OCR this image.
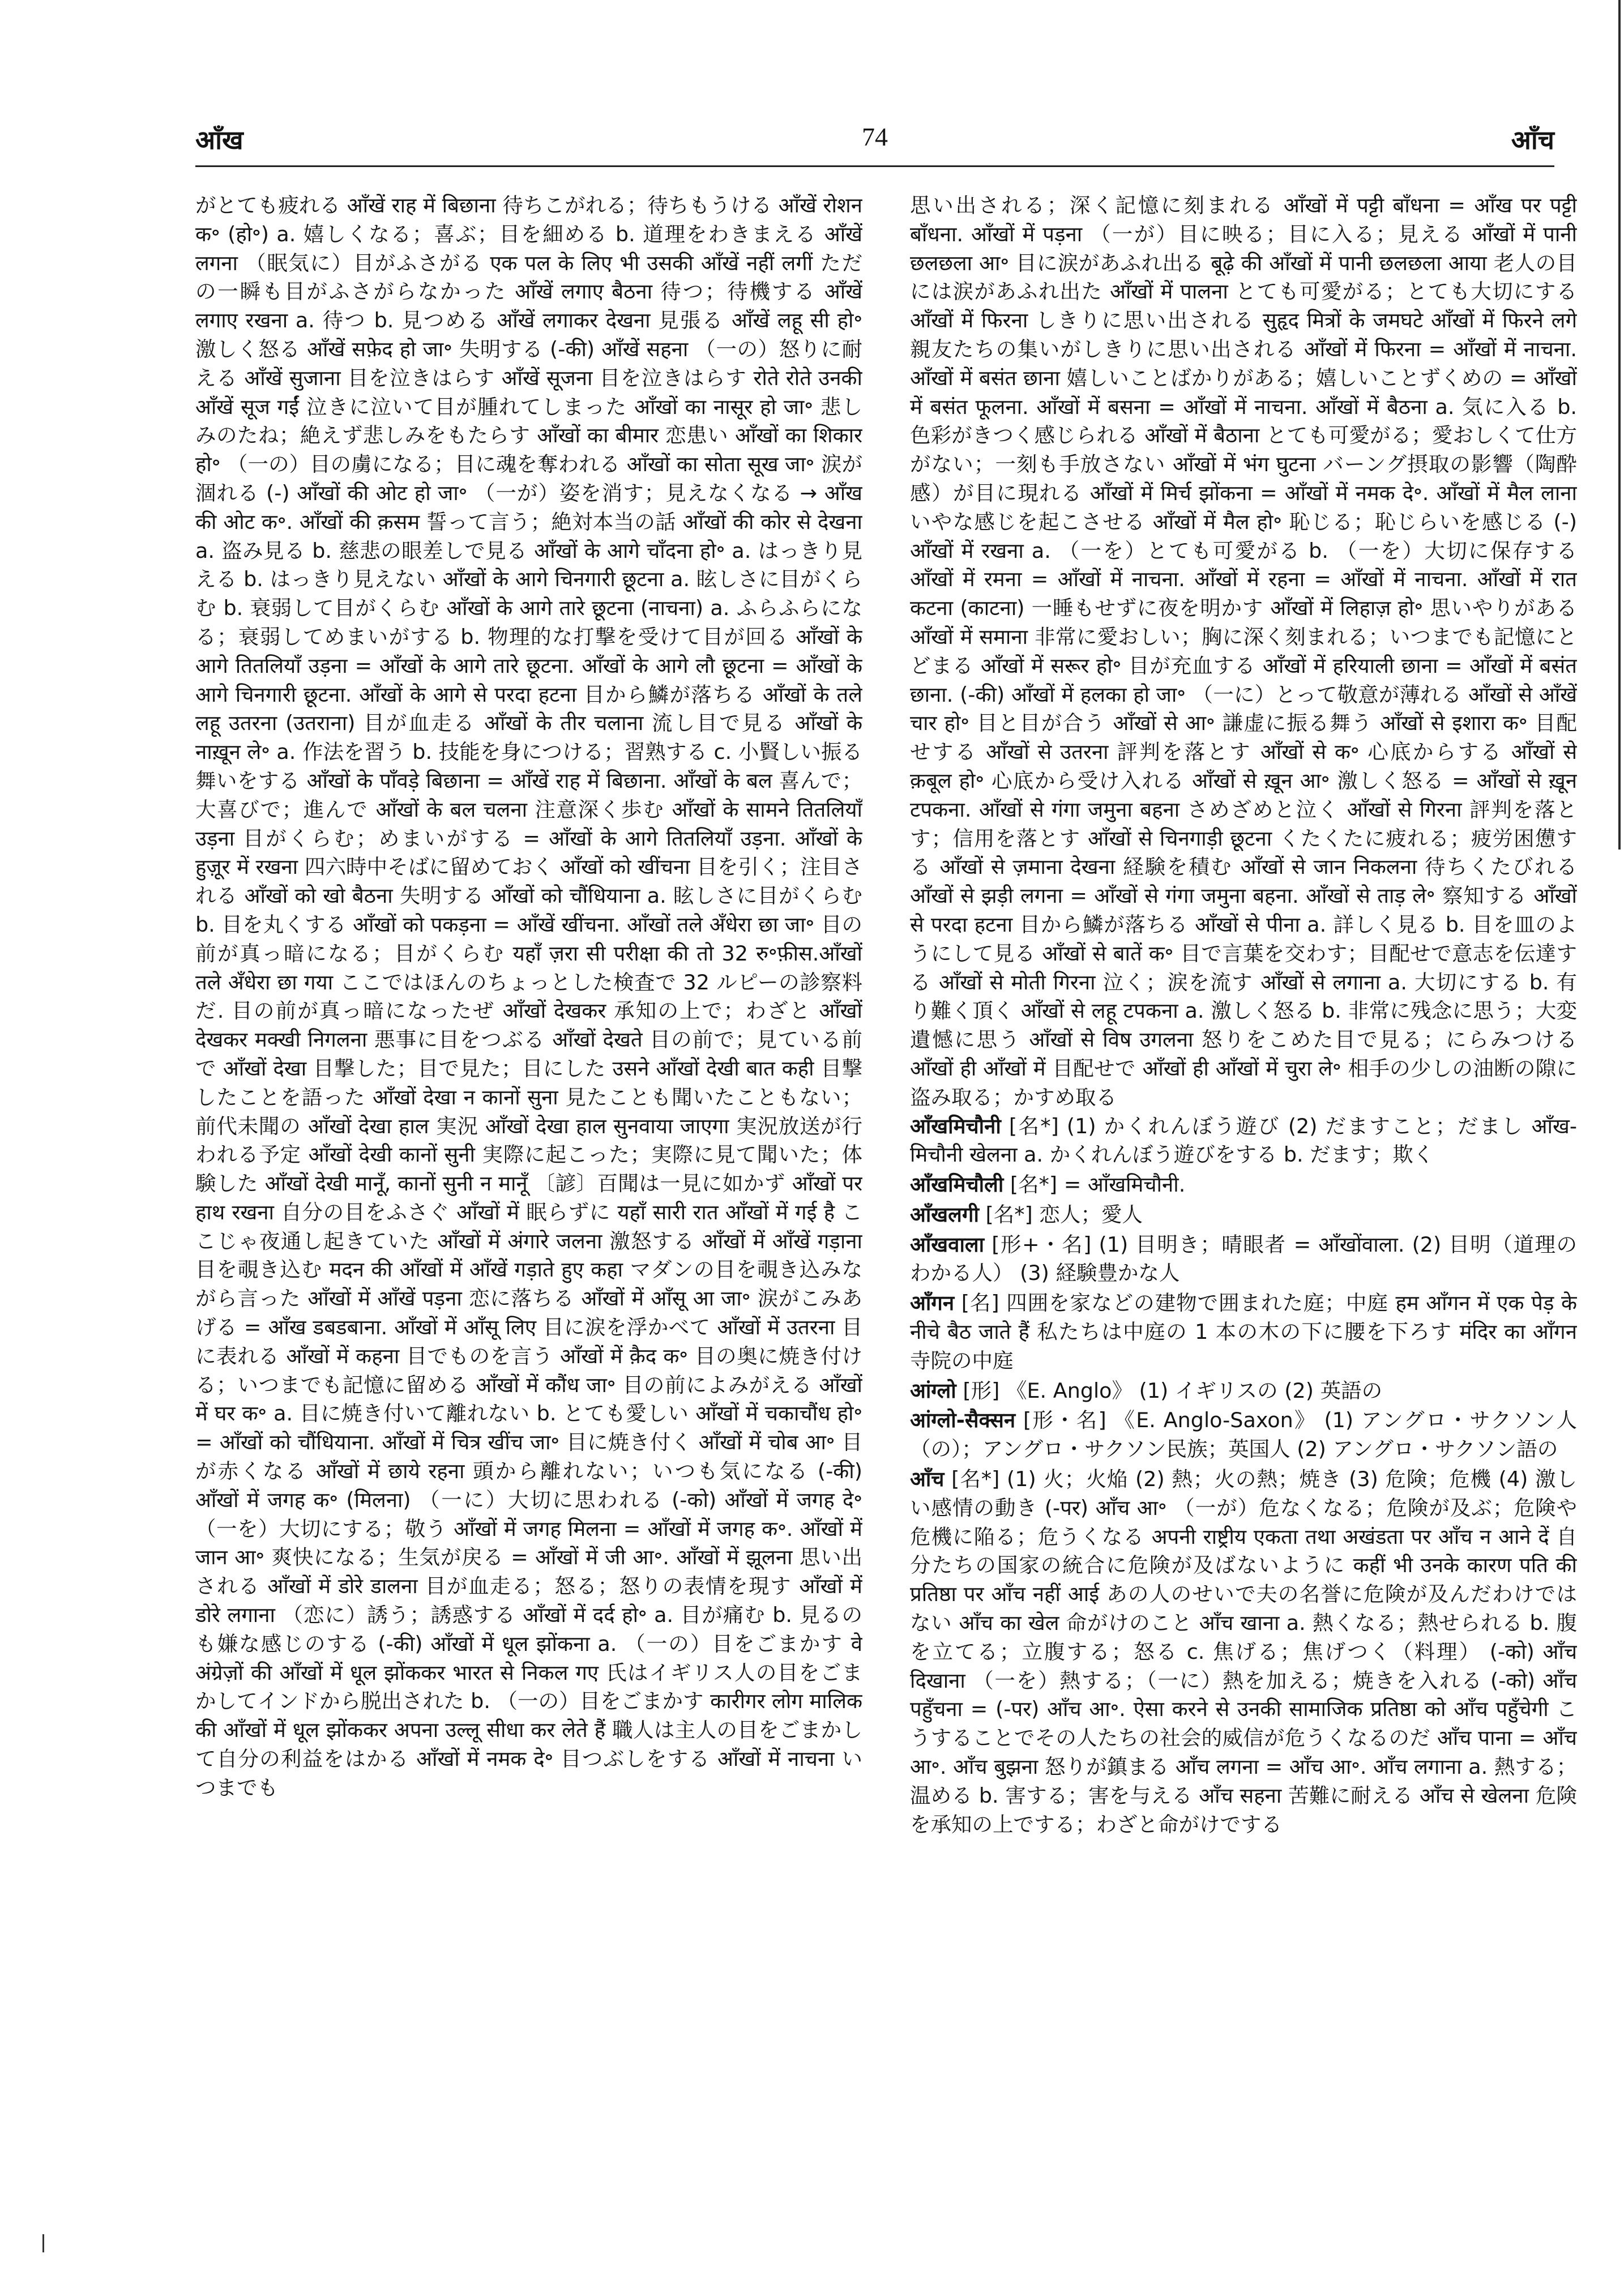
आँख	74	आँच

がとても疲れる आँखें राह में बिछाना 待ちこがれる；待ちもうける आँखें रोशन क॰ (हो॰) a. 嬉しくなる；喜ぶ；目を細める b. 道理をわきまえる आँखें लगना （眠気に）目がふさがる एक पल के लिए भी उसकी आँखें नहीं लगीं ただの一瞬も目がふさがらなかった आँखें लगाए बैठना 待つ；待機する आँखें लगाए रखना a. 待つ b. 見つめる आँखें लगाकर देखना 見張る आँखें लहू सी हो॰ 激しく怒る आँखें सफ़ेद हो जा॰ 失明する (-की) आँखें सहना （一の）怒りに耐える आँखें सुजाना 目を泣きはらす आँखें सूजना 目を泣きはらす रोते रोते उनकी आँखें सूज गईं 泣きに泣いて目が腫れてしまった आँखों का नासूर हो जा॰ 悲しみのたね；絶えず悲しみをもたらす आँखों का बीमार 恋患い आँखों का शिकार हो॰ （一の）目の虜になる；目に魂を奪われる आँखों का सोता सूख जा॰ 涙が涸れる (-) आँखों की ओट हो जा॰ （一が）姿を消す；見えなくなる → आँख की ओट क॰. आँखों की क़सम 誓って言う；絶対本当の話 आँखों की कोर से देखना a. 盗み見る b. 慈悲の眼差しで見る आँखों के आगे चाँदना हो॰ a. はっきり見える b. はっきり見えない आँखों के आगे चिनगारी छूटना a. 眩しさに目がくらむ b. 衰弱して目がくらむ आँखों के आगे तारे छूटना (नाचना) a. ふらふらになる；衰弱してめまいがする b. 物理的な打撃を受けて目が回る आँखों के आगे तितलियाँ उड़ना = आँखों के आगे तारे छूटना. आँखों के आगे लौ छूटना = आँखों के आगे चिनगारी छूटना. आँखों के आगे से परदा हटना 目から鱗が落ちる आँखों के तले लहू उतरना (उतराना) 目が血走る आँखों के तीर चलाना 流し目で見る आँखों के नाख़ून ले॰ a. 作法を習う b. 技能を身につける；習熟する c. 小賢しい振る舞いをする आँखों के पाँवड़े बिछाना = आँखें राह में बिछाना. आँखों के बल 喜んで；大喜びで；進んで आँखों के बल चलना 注意深く歩む आँखों के सामने तितलियाँ उड़ना 目がくらむ；めまいがする = आँखों के आगे तितलियाँ उड़ना. आँखों के हुज़ूर में रखना 四六時中そばに留めておく आँखों को खींचना 目を引く；注目される आँखों को खो बैठना 失明する आँखों को चौंधियाना a. 眩しさに目がくらむ b. 目を丸くする आँखों को पकड़ना = आँखें खींचना. आँखों तले अँधेरा छा जा॰ 目の前が真っ暗になる；目がくらむ यहाँ ज़रा सी परीक्षा की तो 32 रु॰फ़ीस.आँखों तले अँधेरा छा गया ここではほんのちょっとした検査で 32 ルピーの診察料だ. 目の前が真っ暗になったぜ आँखों देखकर 承知の上で；わざと आँखों देखकर मक्खी निगलना 悪事に目をつぶる आँखों देखते 目の前で；見ている前で आँखों देखा 目撃した；目で見た；目にした उसने आँखों देखी बात कही 目撃したことを語った आँखों देखा न कानों सुना 見たことも聞いたこともない；前代未聞の आँखों देखा हाल 実況 आँखों देखा हाल सुनवाया जाएगा 実況放送が行われる予定 आँखों देखी कानों सुनी 実際に起こった；実際に見て聞いた；体験した आँखों देखी मानूँ, कानों सुनी न मानूँ 〔諺〕百聞は一見に如かず आँखों पर हाथ रखना 自分の目をふさぐ आँखों में 眠らずに यहाँ सारी रात आँखों में गई है ここじゃ夜通し起きていた आँखों में अंगारे जलना 激怒する आँखों में आँखें गड़ाना 目を覗き込む मदन की आँखों में आँखें गड़ाते हुए कहा マダンの目を覗き込みながら言った आँखों में आँखें पड़ना 恋に落ちる आँखों में आँसू आ जा॰ 涙がこみあげる = आँख डबडबाना. आँखों में आँसू लिए 目に涙を浮かべて आँखों में उतरना 目に表れる आँखों में कहना 目でものを言う आँखों में क़ैद क॰ 目の奥に焼き付ける；いつまでも記憶に留める आँखों में कौंध जा॰ 目の前によみがえる आँखों में घर क॰ a. 目に焼き付いて離れない b. とても愛しい आँखों में चकाचौंध हो॰ = आँखों को चौंधियाना. आँखों में चित्र खींच जा॰ 目に焼き付く आँखों में चोब आ॰ 目が赤くなる आँखों में छाये रहना 頭から離れない；いつも気になる (-की) आँखों में जगह क॰ (मिलना) （一に）大切に思われる (-को) आँखों में जगह दे॰ （一を）大切にする；敬う आँखों में जगह मिलना = आँखों में जगह क॰. आँखों में जान आ॰ 爽快になる；生気が戻る = आँखों में जी आ॰. आँखों में झूलना 思い出される आँखों में डोरे डालना 目が血走る；怒る；怒りの表情を現す आँखों में डोरे लगाना （恋に）誘う；誘惑する आँखों में दर्द हो॰ a. 目が痛む b. 見るのも嫌な感じのする (-की) आँखों में धूल झोंकना a. （一の）目をごまかす वे अंग्रेज़ों की आँखों में धूल झोंककर भारत से निकल गए 氏はイギリス人の目をごまかしてインドから脱出された b. （一の）目をごまかす कारीगर लोग मालिक की आँखों में धूल झोंककर अपना उल्लू सीधा कर लेते हैं 職人は主人の目をごまかして自分の利益をはかる आँखों में नमक दे॰ 目つぶしをする आँखों में नाचना いつまでも

思い出される；深く記憶に刻まれる आँखों में पट्टी बाँधना = आँख पर पट्टी बाँधना. आँखों में पड़ना （一が）目に映る；目に入る；見える आँखों में पानी छलछला आ॰ 目に涙があふれ出る बूढ़े की आँखों में पानी छलछला आया 老人の目には涙があふれ出た आँखों में पालना とても可愛がる；とても大切にする आँखों में फिरना しきりに思い出される सुहृद मित्रों के जमघटे आँखों में फिरने लगे 親友たちの集いがしきりに思い出される आँखों में फिरना = आँखों में नाचना. आँखों में बसंत छाना 嬉しいことばかりがある；嬉しいことずくめの = आँखों में बसंत फूलना. आँखों में बसना = आँखों में नाचना. आँखों में बैठना a. 気に入る b. 色彩がきつく感じられる आँखों में बैठाना とても可愛がる；愛おしくて仕方がない；一刻も手放さない आँखों में भंग घुटना バーング摂取の影響（陶酔感）が目に現れる आँखों में मिर्च झोंकना = आँखों में नमक दे॰. आँखों में मैल लाना いやな感じを起こさせる आँखों में मैल हो॰ 恥じる；恥じらいを感じる (-) आँखों में रखना a. （一を）とても可愛がる b. （一を）大切に保存する आँखों में रमना = आँखों में नाचना. आँखों में रहना = आँखों में नाचना. आँखों में रात कटना (काटना) 一睡もせずに夜を明かす आँखों में लिहाज़ हो॰ 思いやりがある आँखों में समाना 非常に愛おしい；胸に深く刻まれる；いつまでも記憶にとどまる आँखों में सरूर हो॰ 目が充血する आँखों में हरियाली छाना = आँखों में बसंत छाना. (-की) आँखों में हलका हो जा॰ （一に）とって敬意が薄れる आँखों से आँखें चार हो॰ 目と目が合う आँखों से आ॰ 謙虚に振る舞う आँखों से इशारा क॰ 目配せする आँखों से उतरना 評判を落とす आँखों से क॰ 心底からする आँखों से क़बूल हो॰ 心底から受け入れる आँखों से ख़ून आ॰ 激しく怒る = आँखों से ख़ून टपकना. आँखों से गंगा जमुना बहना さめざめと泣く आँखों से गिरना 評判を落とす；信用を落とす आँखों से चिनगाड़ी छूटना くたくたに疲れる；疲労困憊する आँखों से ज़माना देखना 経験を積む आँखों से जान निकलना 待ちくたびれる आँखों से झड़ी लगना = आँखों से गंगा जमुना बहना. आँखों से ताड़ ले॰ 察知する आँखों से परदा हटना 目から鱗が落ちる आँखों से पीना a. 詳しく見る b. 目を皿のようにして見る आँखों से बातें क॰ 目で言葉を交わす；目配せで意志を伝達する आँखों से मोती गिरना 泣く；涙を流す आँखों से लगाना a. 大切にする b. 有り難く頂く आँखों से लहू टपकना a. 激しく怒る b. 非常に残念に思う；大変遺憾に思う आँखों से विष उगलना 怒りをこめた目で見る；にらみつける आँखों ही आँखों में 目配せで आँखों ही आँखों में चुरा ले॰ 相手の少しの油断の隙に盗み取る；かすめ取る

आँखमिचौनी [名*] (1) かくれんぼう遊び (2) だますこと；だまし आँख-मिचौनी खेलना a. かくれんぼう遊びをする b. だます；欺く

आँखमिचौली [名*] = आँखमिचौनी.

आँखलगी [名*] 恋人；愛人

आँखवाला [形+・名] (1) 目明き；晴眼者 = आँखोंवाला. (2) 目明（道理のわかる人） (3) 経験豊かな人

आँगन [名] 四囲を家などの建物で囲まれた庭；中庭 हम आँगन में एक पेड़ के नीचे बैठ जाते हैं 私たちは中庭の 1 本の木の下に腰を下ろす मंदिर का आँगन 寺院の中庭

आंग्लो [形] 《E. Anglo》 (1) イギリスの (2) 英語の

आंग्लो-सैक्सन [形・名] 《E. Anglo-Saxon》 (1) アングロ・サクソン人（の）；アングロ・サクソン民族；英国人 (2) アングロ・サクソン語の

आँच [名*] (1) 火；火焔 (2) 熱；火の熱；焼き (3) 危険；危機 (4) 激しい感情の動き (-पर) आँच आ॰ （一が）危なくなる；危険が及ぶ；危険や危機に陥る；危うくなる अपनी राष्ट्रीय एकता तथा अखंडता पर आँच न आने दें 自分たちの国家の統合に危険が及ばないように कहीं भी उनके कारण पति की प्रतिष्ठा पर आँच नहीं आई あの人のせいで夫の名誉に危険が及んだわけではない आँच का खेल 命がけのこと आँच खाना a. 熱くなる；熱せられる b. 腹を立てる；立腹する；怒る c. 焦げる；焦げつく（料理） (-को) आँच दिखाना （一を）熱する；（一に）熱を加える；焼きを入れる (-को) आँच पहुँचना = (-पर) आँच आ॰. ऐसा करने से उनकी सामाजिक प्रतिष्ठा को आँच पहुँचेगी こうすることでその人たちの社会的威信が危うくなるのだ आँच पाना = आँच आ॰. आँच बुझना 怒りが鎮まる आँच लगना = आँच आ॰. आँच लगाना a. 熱する；温める b. 害する；害を与える आँच सहना 苦難に耐える आँच से खेलना 危険を承知の上でする；わざと命がけでする
